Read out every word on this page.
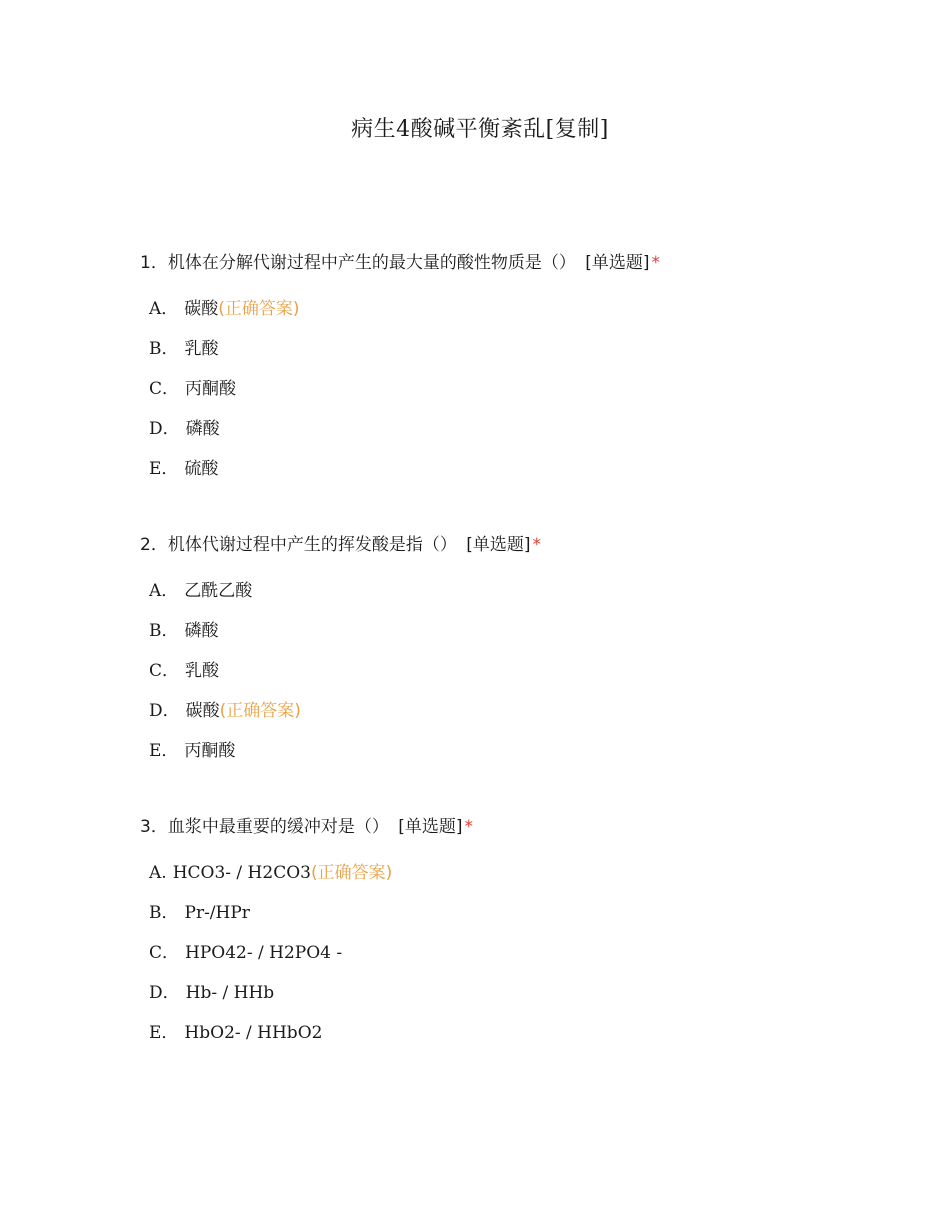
病生4酸碱平衡紊乱[复制]
1．机体在分解代谢过程中产生的最大量的酸性物质是（） [单选题] *
A． 碳酸(正确答案)
B． 乳酸
C． 丙酮酸
D． 磷酸
E． 硫酸
2．机体代谢过程中产生的挥发酸是指（） [单选题] *
A． 乙酰乙酸
B． 磷酸
C． 乳酸
D． 碳酸(正确答案)
E． 丙酮酸
3．血浆中最重要的缓冲对是（） [单选题] *
A. HCO3- / H2CO3(正确答案)
B． Pr-/HPr
C． HPO42- / H2PO4 -
D． Hb- / HHb
E． HbO2- / HHbO2
